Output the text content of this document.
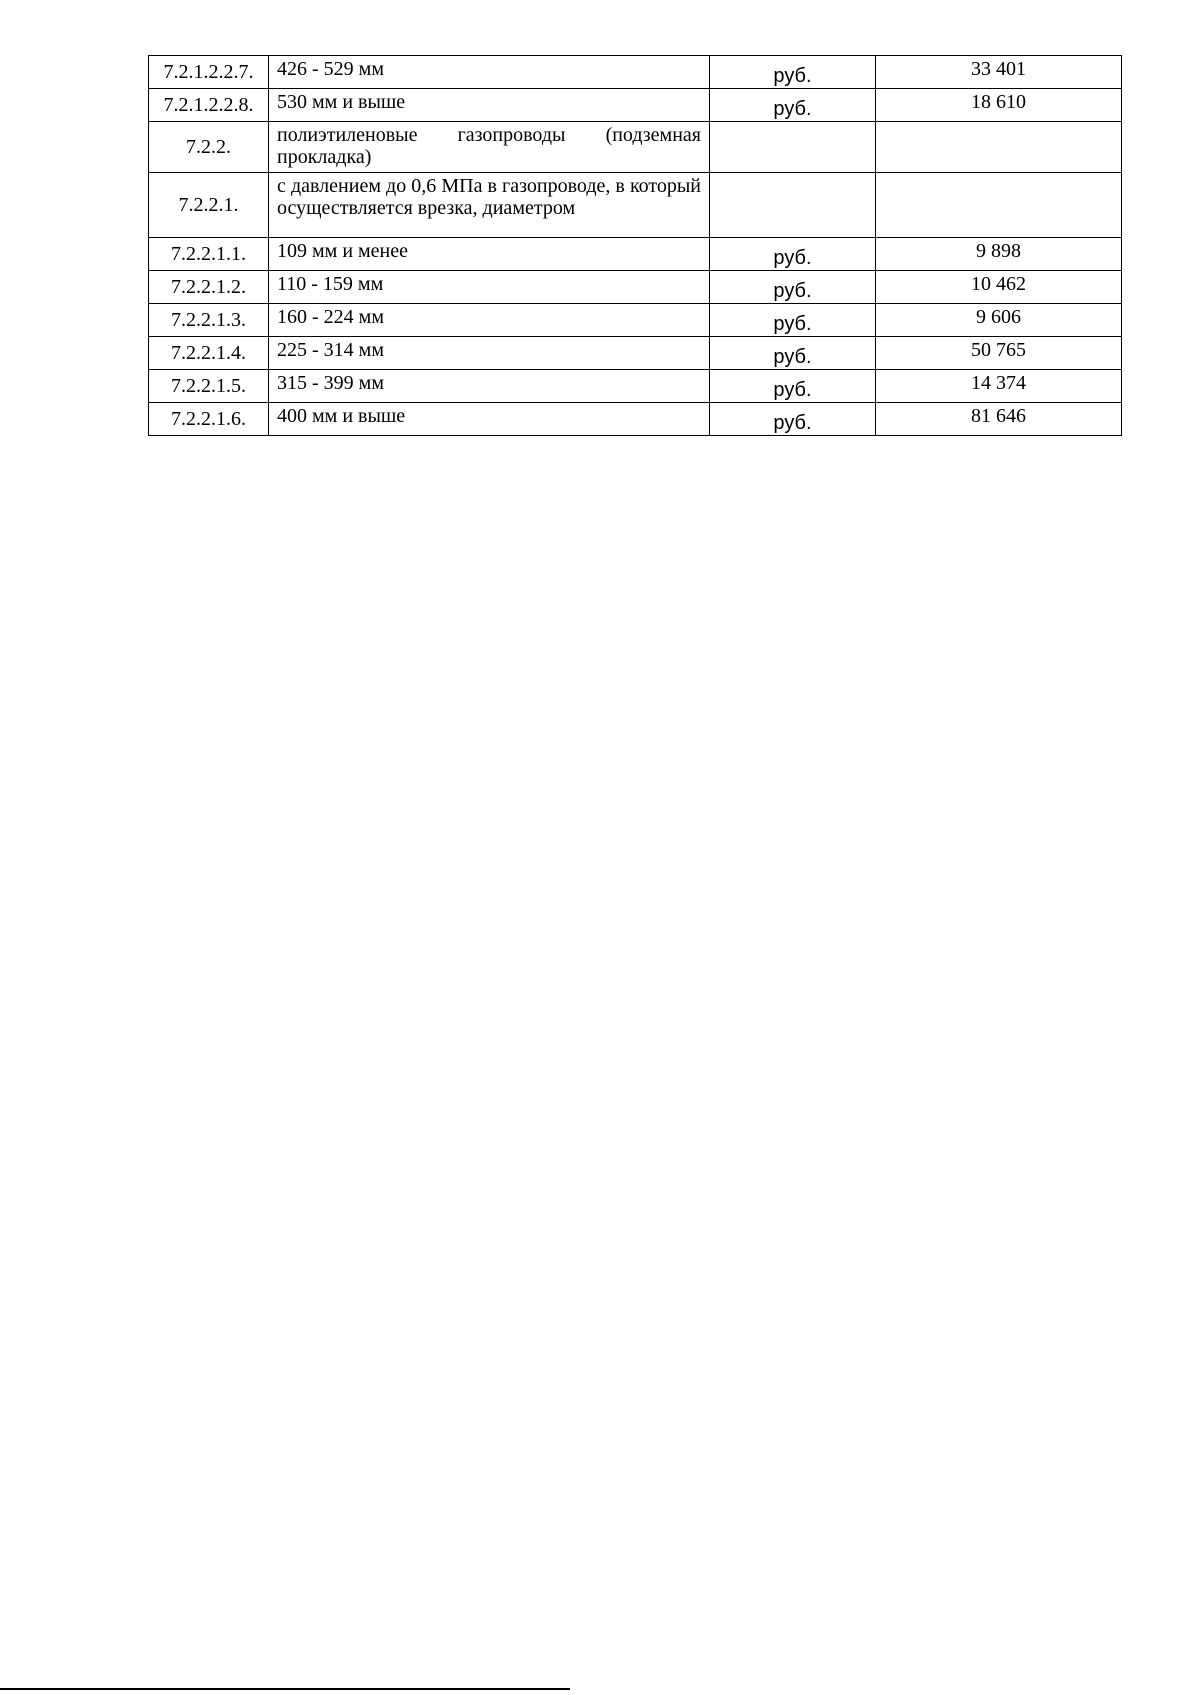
7.2.1.2.2.7.	426 - 529 мм	руб.	33 401
7.2.1.2.2.8.	530 мм и выше	руб.	18 610
7.2.2.	полиэтиленовые газопроводы (подземная прокладка)		
7.2.2.1.	с давлением до 0,6 МПа в газопроводе, в который осуществляется врезка, диаметром		
7.2.2.1.1.	109 мм и менее	руб.	9 898
7.2.2.1.2.	110 - 159 мм	руб.	10 462
7.2.2.1.3.	160 - 224 мм	руб.	9 606
7.2.2.1.4.	225 - 314 мм	руб.	50 765
7.2.2.1.5.	315 - 399 мм	руб.	14 374
7.2.2.1.6.	400 мм и выше	руб.	81 646
